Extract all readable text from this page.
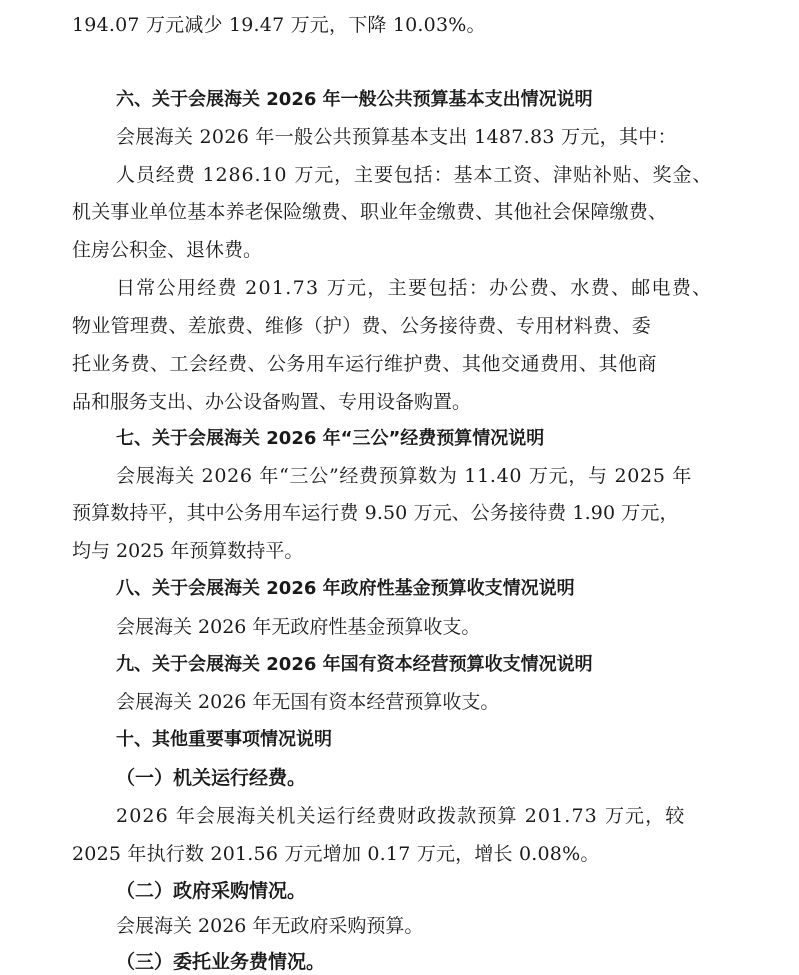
194.07 万元减少 19.47 万元，下降 10.03%。
六、关于会展海关 2026 年一般公共预算基本支出情况说明
会展海关 2026 年一般公共预算基本支出 1487.83 万元，其中：
人员经费 1286.10 万元，主要包括：基本工资、津贴补贴、奖金、
机关事业单位基本养老保险缴费、职业年金缴费、其他社会保障缴费、
住房公积金、退休费。
日常公用经费 201.73 万元，主要包括：办公费、水费、邮电费、
物业管理费、差旅费、维修（护）费、公务接待费、专用材料费、委
托业务费、工会经费、公务用车运行维护费、其他交通费用、其他商
品和服务支出、办公设备购置、专用设备购置。
七、关于会展海关 2026 年“三公”经费预算情况说明
会展海关 2026 年“三公”经费预算数为 11.40 万元，与 2025 年
预算数持平，其中公务用车运行费 9.50 万元、公务接待费 1.90 万元，
均与 2025 年预算数持平。
八、关于会展海关 2026 年政府性基金预算收支情况说明
会展海关 2026 年无政府性基金预算收支。
九、关于会展海关 2026 年国有资本经营预算收支情况说明
会展海关 2026 年无国有资本经营预算收支。
十、其他重要事项情况说明
（一）机关运行经费。
2026 年会展海关机关运行经费财政拨款预算 201.73 万元，较
2025 年执行数 201.56 万元增加 0.17 万元，增长 0.08%。
（二）政府采购情况。
会展海关 2026 年无政府采购预算。
（三）委托业务费情况。
